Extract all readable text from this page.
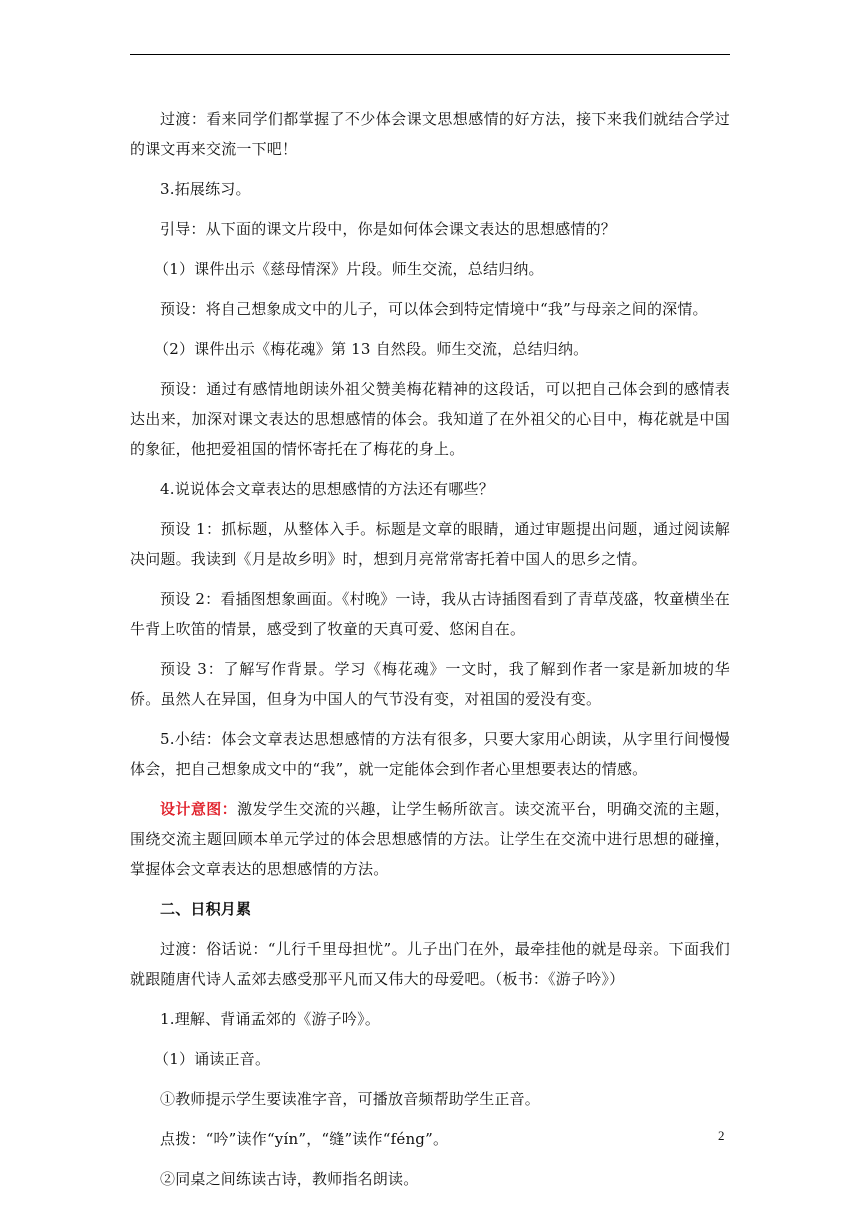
过渡：看来同学们都掌握了不少体会课文思想感情的好方法，接下来我们就结合学过的课文再来交流一下吧！

3.拓展练习。

引导：从下面的课文片段中，你是如何体会课文表达的思想感情的？

（1）课件出示《慈母情深》片段。师生交流，总结归纳。

预设：将自己想象成文中的儿子，可以体会到特定情境中“我”与母亲之间的深情。

（2）课件出示《梅花魂》第 13 自然段。师生交流，总结归纳。

预设：通过有感情地朗读外祖父赞美梅花精神的这段话，可以把自己体会到的感情表达出来，加深对课文表达的思想感情的体会。我知道了在外祖父的心目中，梅花就是中国的象征，他把爱祖国的情怀寄托在了梅花的身上。

4.说说体会文章表达的思想感情的方法还有哪些？

预设 1：抓标题，从整体入手。标题是文章的眼睛，通过审题提出问题，通过阅读解决问题。我读到《月是故乡明》时，想到月亮常常寄托着中国人的思乡之情。

预设 2：看插图想象画面。《村晚》一诗，我从古诗插图看到了青草茂盛，牧童横坐在牛背上吹笛的情景，感受到了牧童的天真可爱、悠闲自在。

预设 3：了解写作背景。学习《梅花魂》一文时，我了解到作者一家是新加坡的华侨。虽然人在异国，但身为中国人的气节没有变，对祖国的爱没有变。

5.小结：体会文章表达思想感情的方法有很多，只要大家用心朗读，从字里行间慢慢体会，把自己想象成文中的“我”，就一定能体会到作者心里想要表达的情感。

设计意图：激发学生交流的兴趣，让学生畅所欲言。读交流平台，明确交流的主题，围绕交流主题回顾本单元学过的体会思想感情的方法。让学生在交流中进行思想的碰撞，掌握体会文章表达的思想感情的方法。

二、日积月累

过渡：俗话说：“儿行千里母担忧”。儿子出门在外，最牵挂他的就是母亲。下面我们就跟随唐代诗人孟郊去感受那平凡而又伟大的母爱吧。（板书：《游子吟》）

1.理解、背诵孟郊的《游子吟》。

（1）诵读正音。

①教师提示学生要读准字音，可播放音频帮助学生正音。

点拨：“吟”读作“yín”，“缝”读作“féng”。

②同桌之间练读古诗，教师指名朗读。

2
